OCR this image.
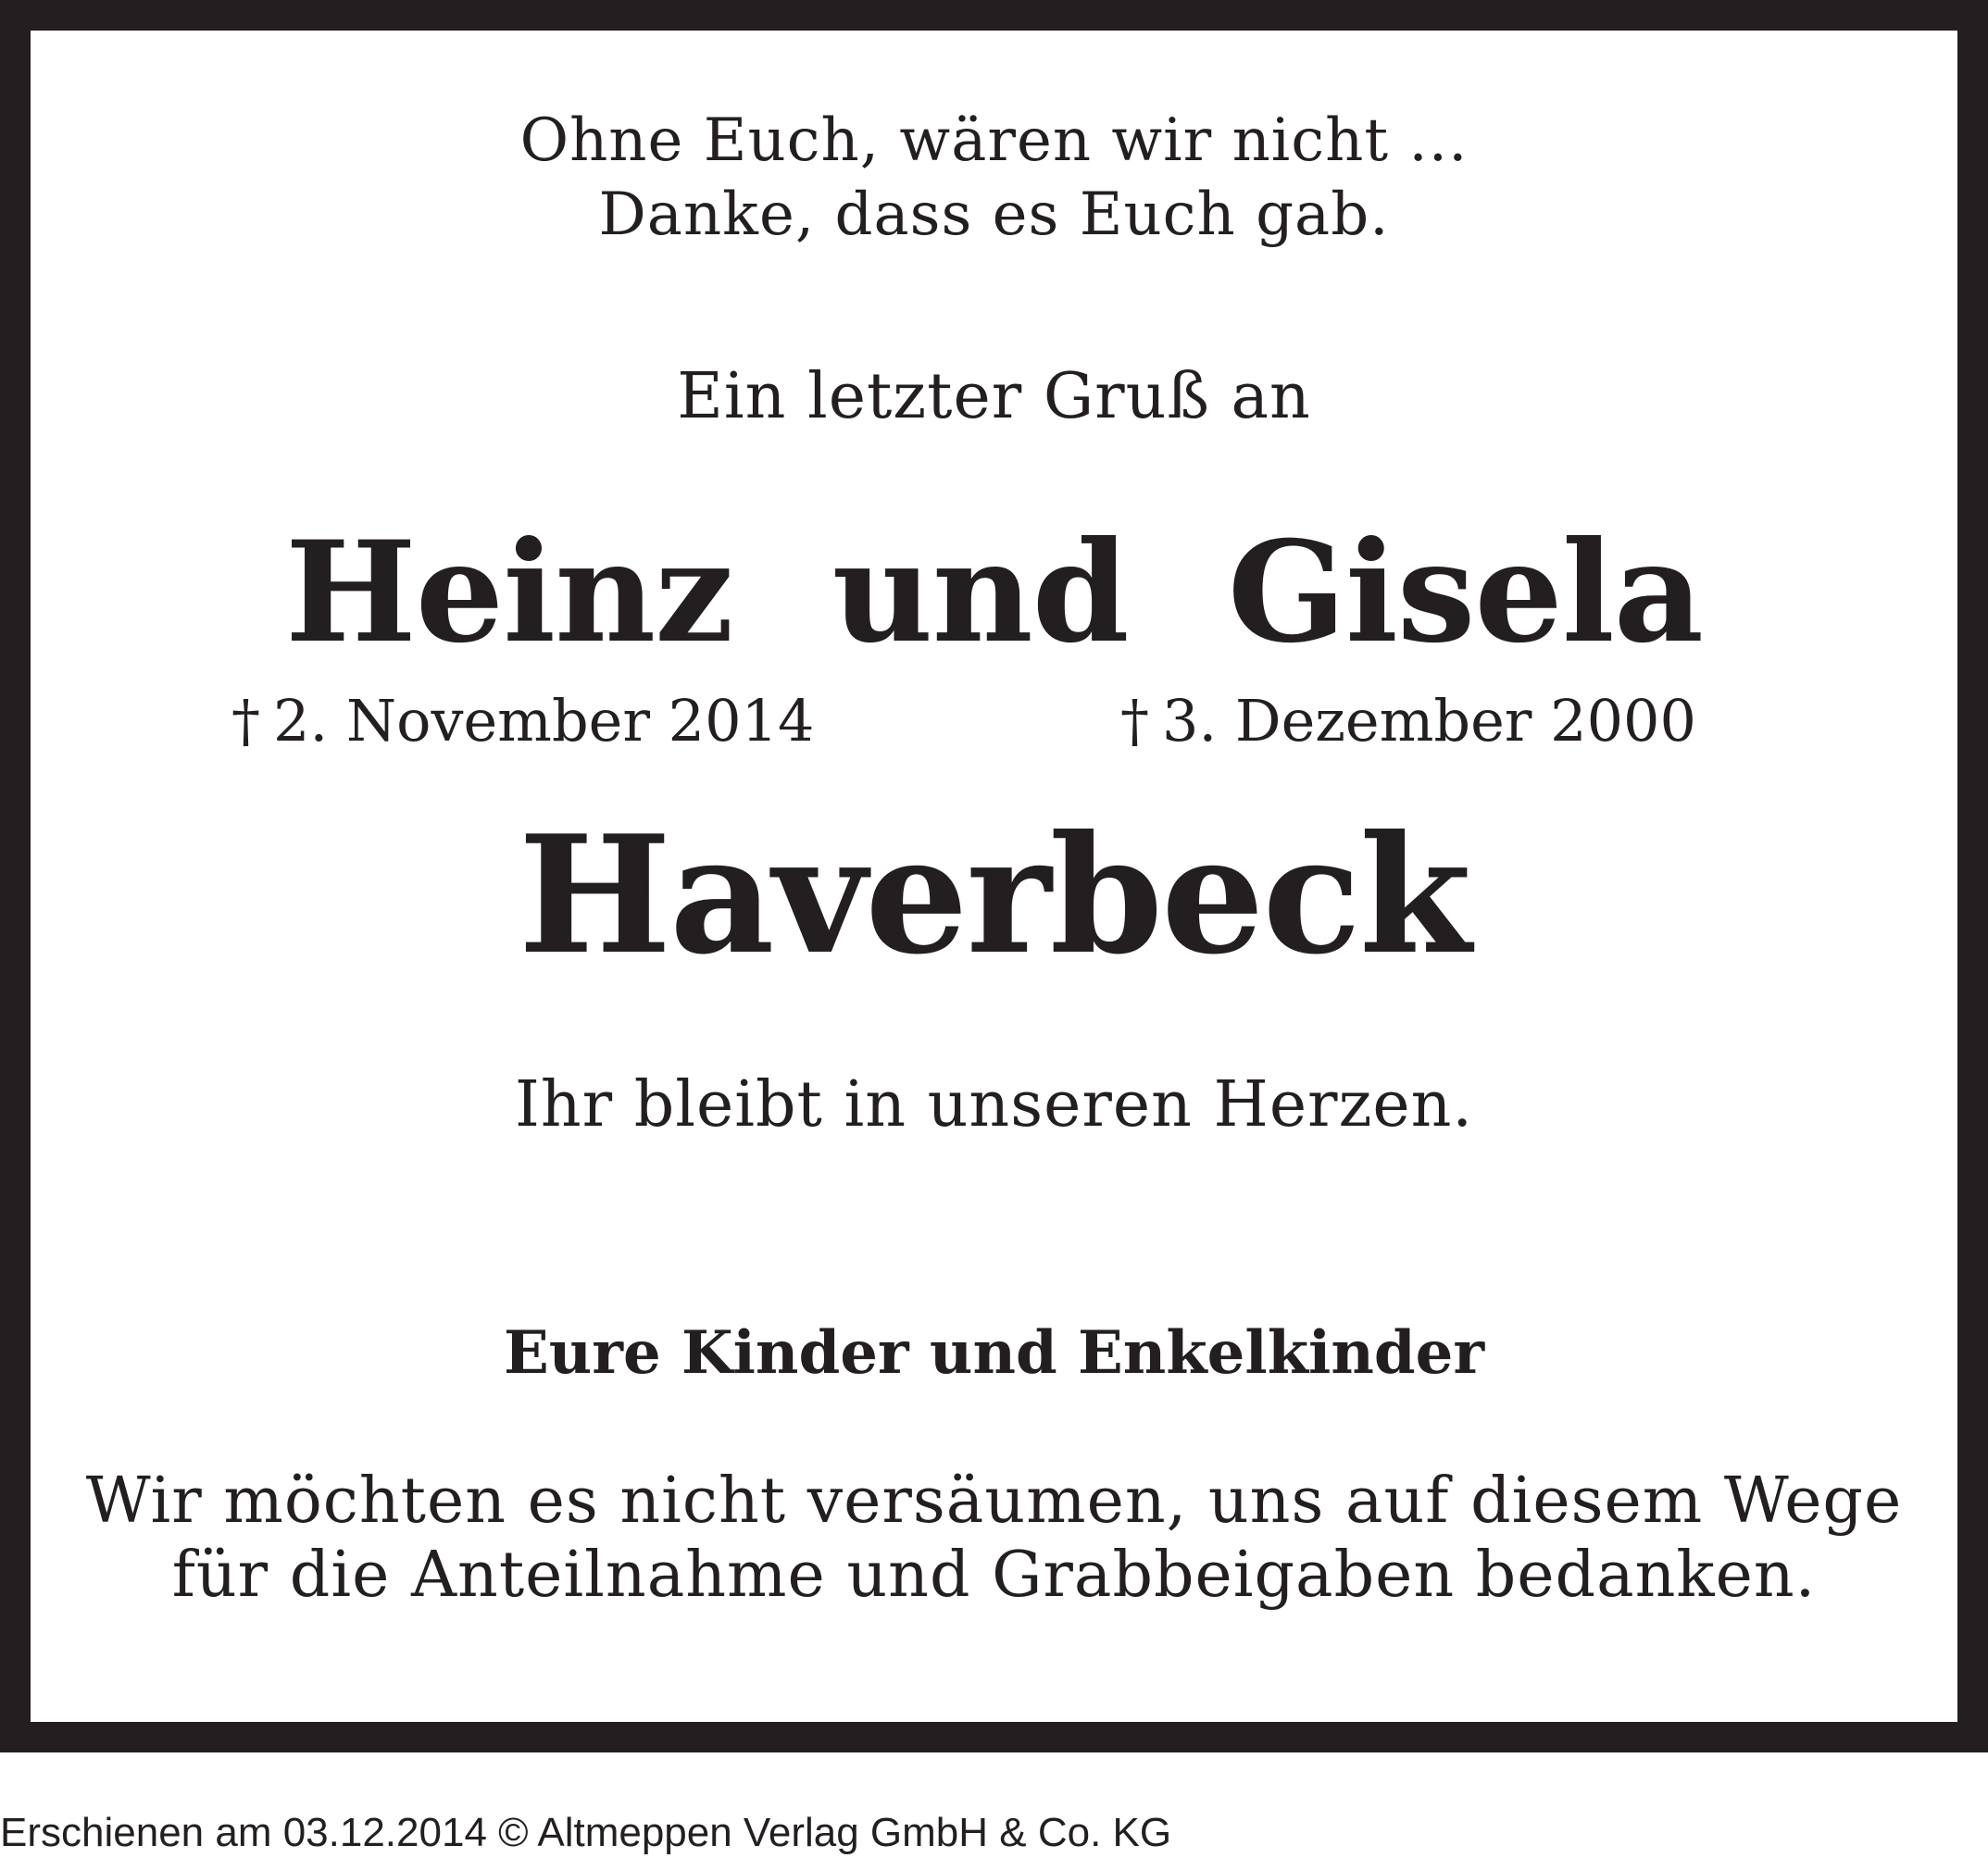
Ohne Euch, wären wir nicht ...
Danke, dass es Euch gab.
Ein letzter Gruß an
Heinz und Gisela
† 2. November 2014	† 3. Dezember 2000
Haverbeck
Ihr bleibt in unseren Herzen.
Eure Kinder und Enkelkinder
Wir möchten es nicht versäumen, uns auf diesem Wege
für die Anteilnahme und Grabbeigaben bedanken.
Erschienen am 03.12.2014 © Altmeppen Verlag GmbH & Co. KG
